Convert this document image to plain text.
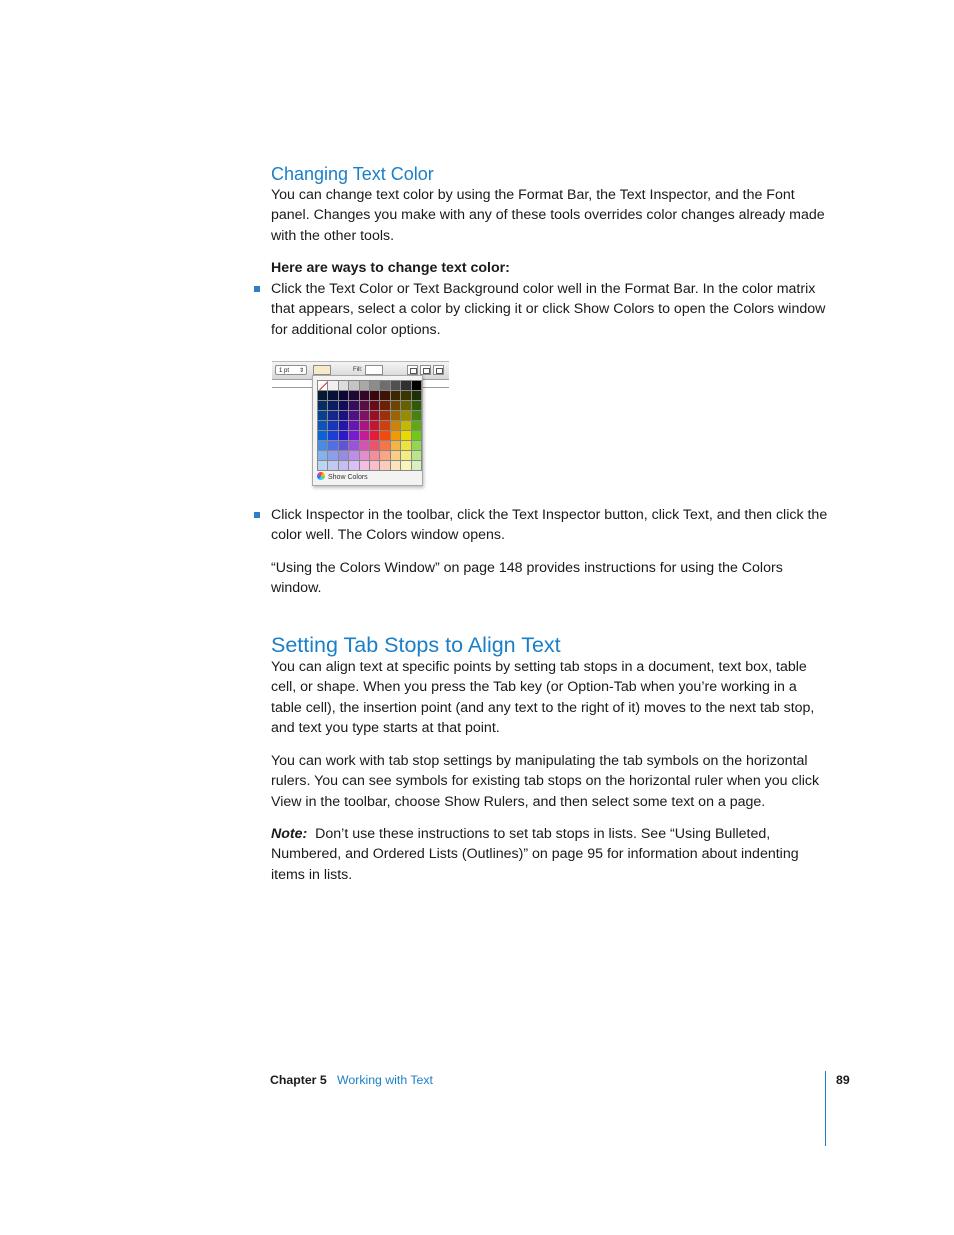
Changing Text Color

You can change text color by using the Format Bar, the Text Inspector, and the Font panel. Changes you make with any of these tools overrides color changes already made with the other tools.

Here are ways to change text color:

Click the Text Color or Text Background color well in the Format Bar. In the color matrix that appears, select a color by clicking it or click Show Colors to open the Colors window for additional color options.

1 pt ⇕	Fill:
Show Colors

Click Inspector in the toolbar, click the Text Inspector button, click Text, and then click the color well. The Colors window opens.

“Using the Colors Window” on page 148 provides instructions for using the Colors window.

Setting Tab Stops to Align Text

You can align text at specific points by setting tab stops in a document, text box, table cell, or shape. When you press the Tab key (or Option-Tab when you’re working in a table cell), the insertion point (and any text to the right of it) moves to the next tab stop, and text you type starts at that point.

You can work with tab stop settings by manipulating the tab symbols on the horizontal rulers. You can see symbols for existing tab stops on the horizontal ruler when you click View in the toolbar, choose Show Rulers, and then select some text on a page.

Note: Don’t use these instructions to set tab stops in lists. See “Using Bulleted, Numbered, and Ordered Lists (Outlines)” on page 95 for information about indenting items in lists.

Chapter 5 Working with Text	89
